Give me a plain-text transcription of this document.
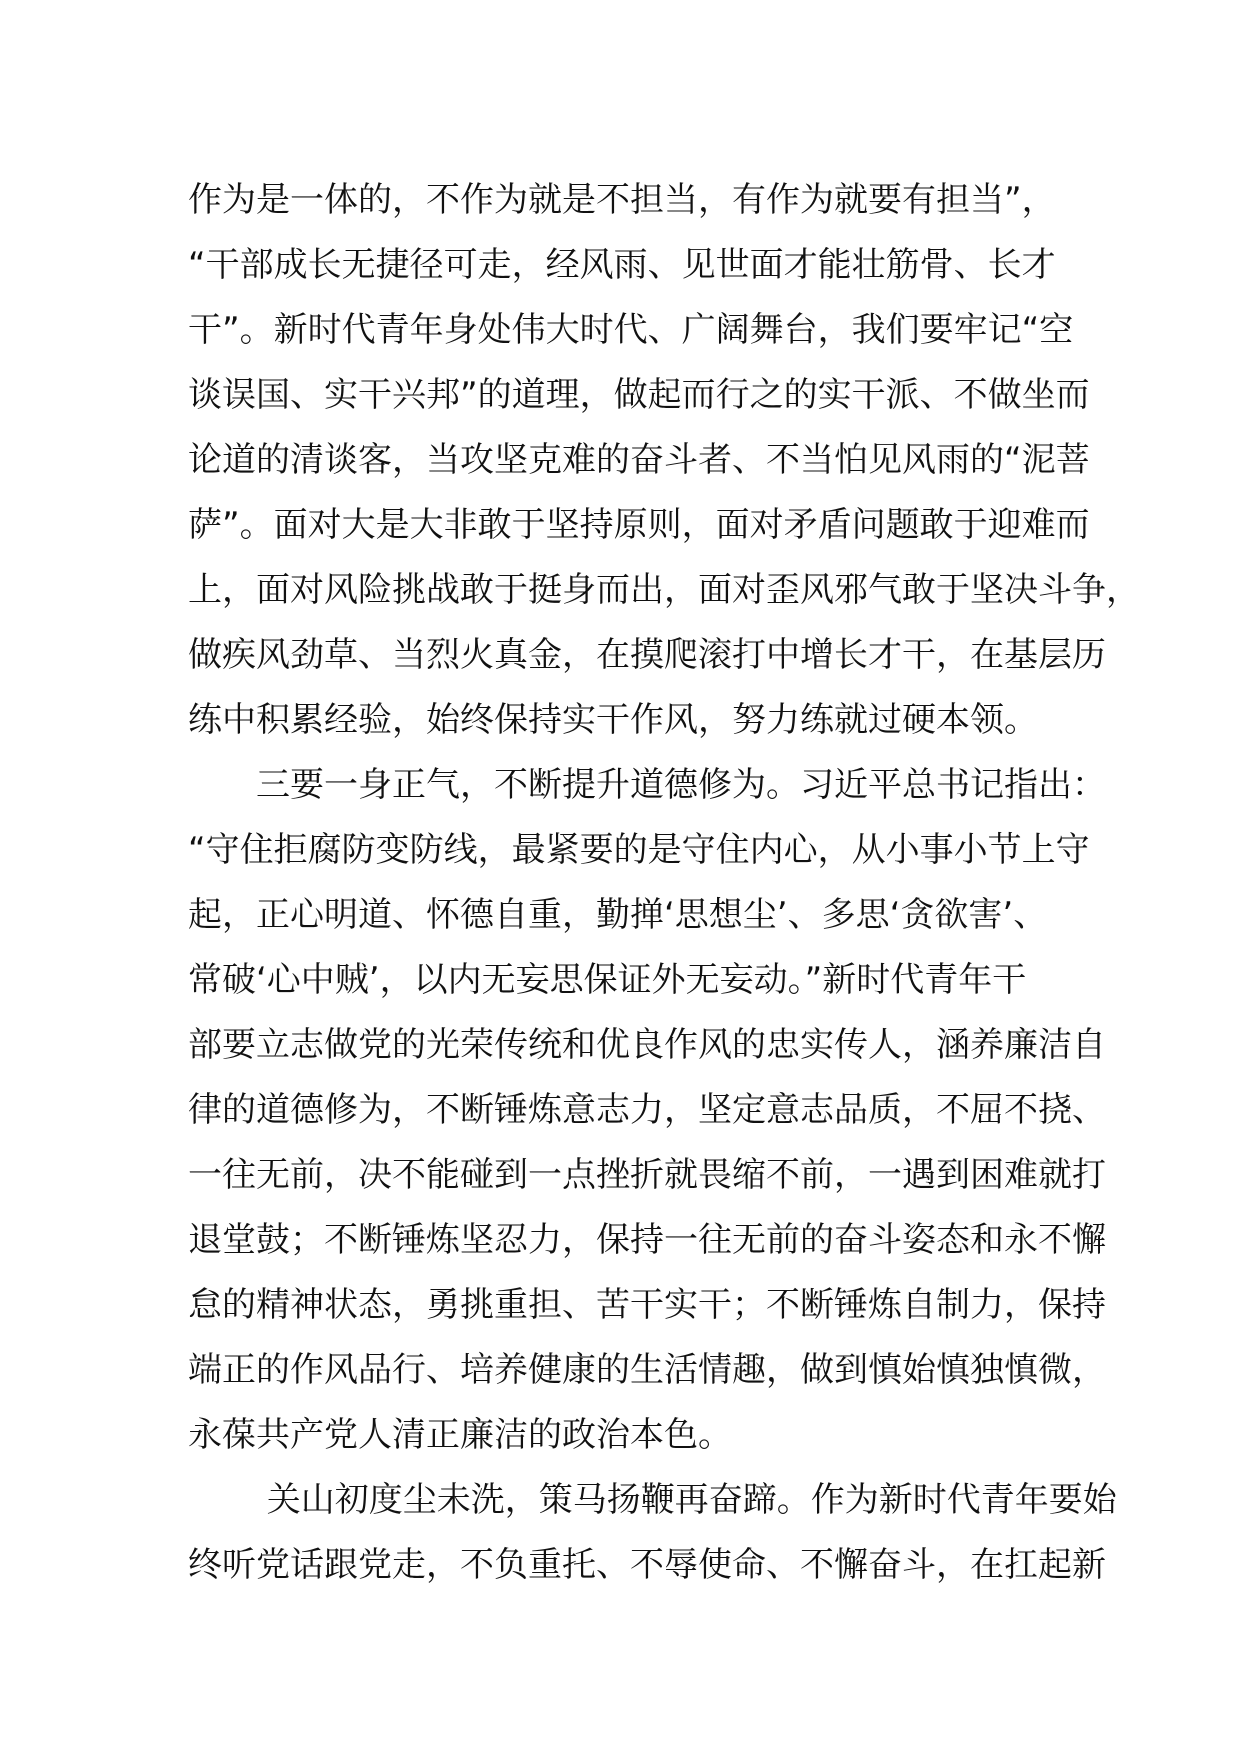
作为是一体的，不作为就是不担当，有作为就要有担当”，
“干部成长无捷径可走，经风雨、见世面才能壮筋骨、长才
干”。新时代青年身处伟大时代、广阔舞台，我们要牢记“空
谈误国、实干兴邦”的道理，做起而行之的实干派、不做坐而
论道的清谈客，当攻坚克难的奋斗者、不当怕见风雨的“泥菩
萨”。面对大是大非敢于坚持原则，面对矛盾问题敢于迎难而
上，面对风险挑战敢于挺身而出，面对歪风邪气敢于坚决斗争，
做疾风劲草、当烈火真金，在摸爬滚打中增长才干，在基层历
练中积累经验，始终保持实干作风，努力练就过硬本领。
　　三要一身正气，不断提升道德修为。习近平总书记指出：
“守住拒腐防变防线，最紧要的是守住内心，从小事小节上守
起，正心明道、怀德自重，勤掸‘思想尘’、多思‘贪欲害’、
常破‘心中贼’，以内无妄思保证外无妄动。”新时代青年干
部要立志做党的光荣传统和优良作风的忠实传人，涵养廉洁自
律的道德修为，不断锤炼意志力，坚定意志品质，不屈不挠、
一往无前，决不能碰到一点挫折就畏缩不前，一遇到困难就打
退堂鼓；不断锤炼坚忍力，保持一往无前的奋斗姿态和永不懈
怠的精神状态，勇挑重担、苦干实干；不断锤炼自制力，保持
端正的作风品行、培养健康的生活情趣，做到慎始慎独慎微，
永葆共产党人清正廉洁的政治本色。
　　 关山初度尘未洗，策马扬鞭再奋蹄。作为新时代青年要始
终听党话跟党走，不负重托、不辱使命、不懈奋斗，在扛起新
